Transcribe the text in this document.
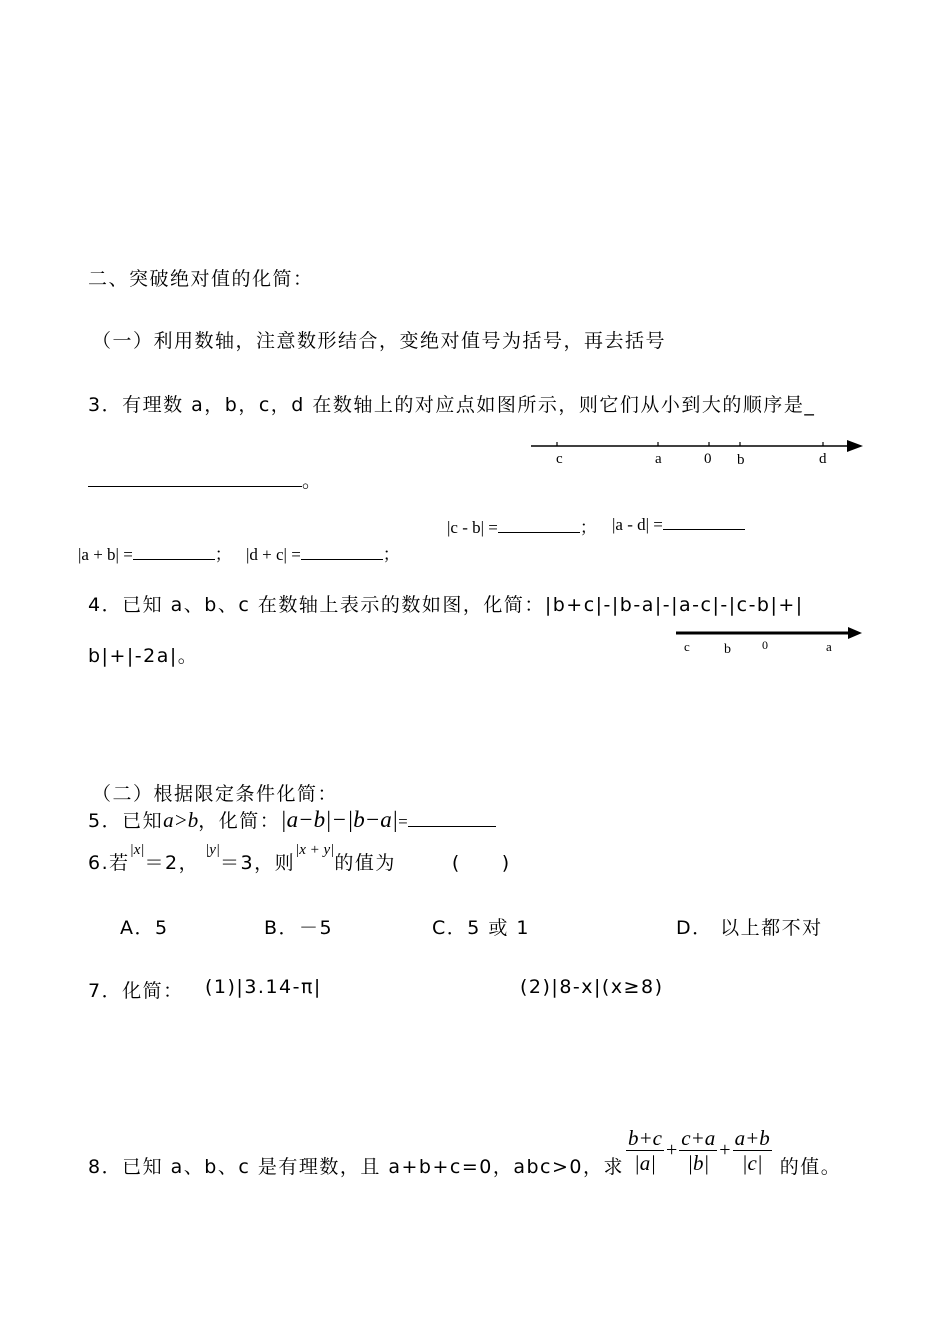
二、突破绝对值的化简：
（一）利用数轴，注意数形结合，变绝对值号为括号，再去括号
3．有理数 a，b，c，d 在数轴上的对应点如图所示，则它们从小到大的顺序是_
c	a	0 b	d
。
|c - b| =	； |a - d| =
|a + b| =	； |d + c| =	；
4．已知 a、b、c 在数轴上表示的数如图，化简：|b+c|-|b-a|-|a-c|-|c-b|+|
b|+|-2a|。	c b	0	a
（二）根据限定条件化简：
5．已知 a>b ，化简： |a−b|−|b−a| =
6.若
|x|
＝2，
|y|
＝3，则
|x + y|
的值为	(　　)
A．5	B．－5	C．5 或 1	D． 以上都不对
7．化简： (1)|3.14-π|	(2)|8-x|(x≥8)
8．已知 a、b、c 是有理数，且 a+b+c=0，abc>0，求 $\frac{b+c}{|a|} + \frac{c+a}{|b|} + \frac{a+b}{|c|}$ 的值。
